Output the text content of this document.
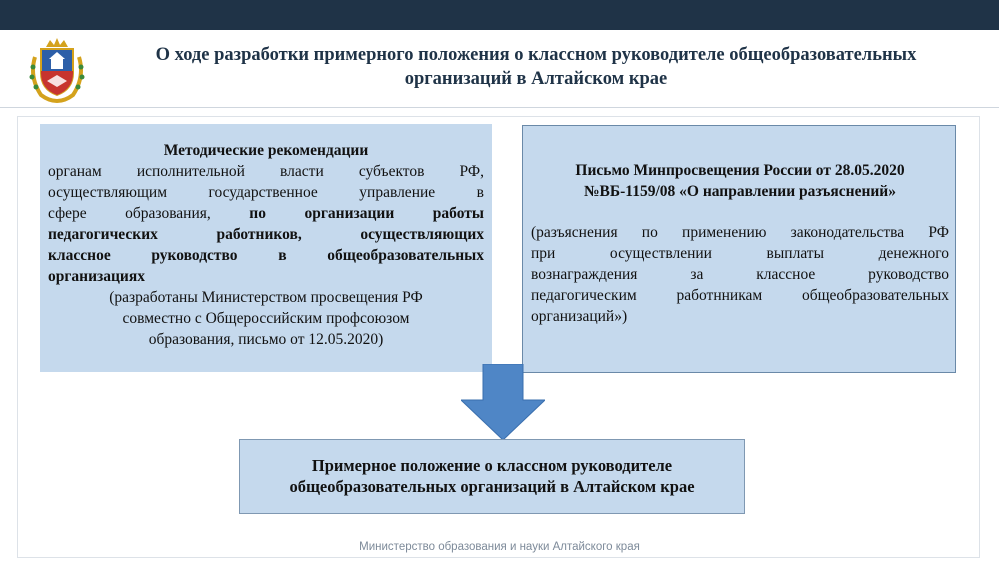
О ходе разработки примерного положения о классном руководителе общеобразовательных
организаций в Алтайском крае
Методические рекомендации
органам исполнительной власти субъектов РФ,
осуществляющим государственное управление в
сфере образования, по организации работы
педагогических работников, осуществляющих
классное руководство в общеобразовательных
организациях
(разработаны Министерством просвещения РФ
совместно с Общероссийским профсоюзом
образования, письмо от 12.05.2020)
Письмо Минпросвещения России от 28.05.2020
№ВБ-1159/08 «О направлении разъяснений»
(разъяснения по применению законодательства РФ
при осуществлении выплаты денежного
вознаграждения за классное руководство
педагогическим работнникам общеобразовательных
организаций»)
Примерное положение о классном руководителе
общеобразовательных организаций в Алтайском крае
Министерство образования и науки Алтайского края
